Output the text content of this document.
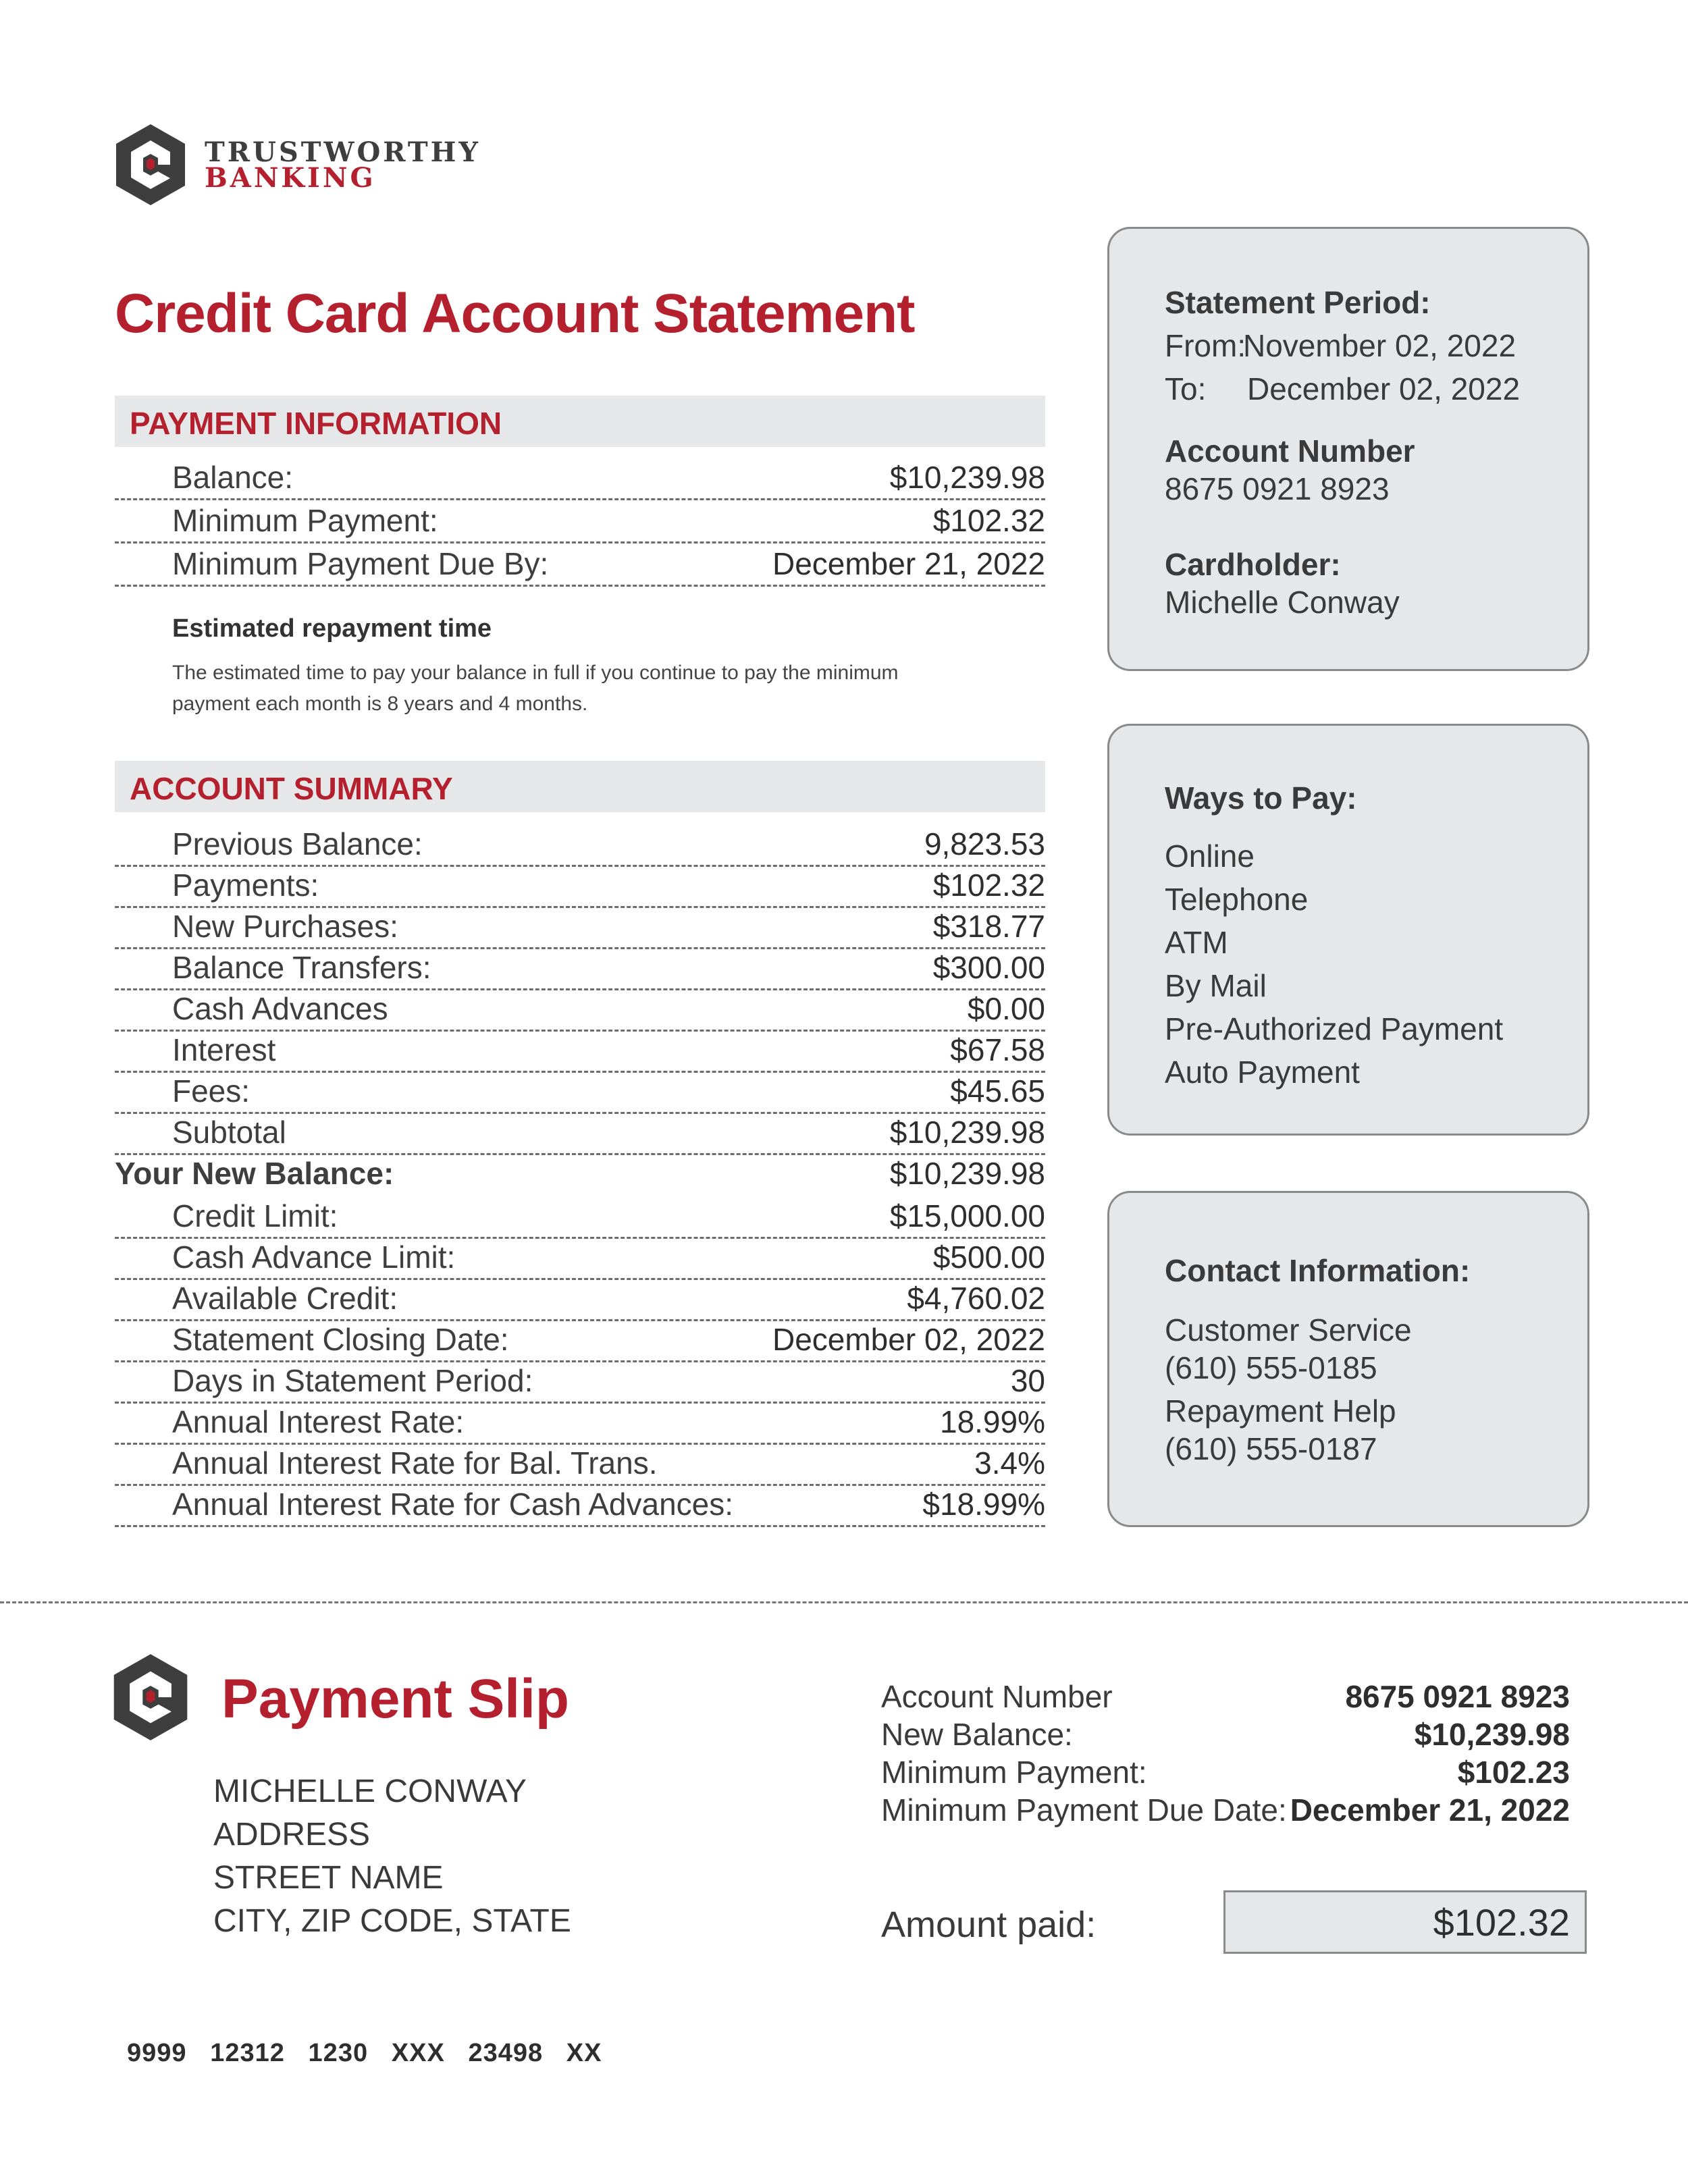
TRUSTWORTHY
BANKING
Credit Card Account Statement
PAYMENT INFORMATION
Balance:	$10,239.98
Minimum Payment:	$102.32
Minimum Payment Due By:	December 21, 2022
Estimated repayment time
The estimated time to pay your balance in full if you continue to pay the minimum payment each month is 8 years and 4 months.
ACCOUNT SUMMARY
Previous Balance:	9,823.53
Payments:	$102.32
New Purchases:	$318.77
Balance Transfers:	$300.00
Cash Advances	$0.00
Interest	$67.58
Fees:	$45.65
Subtotal	$10,239.98
Your New Balance:	$10,239.98
Credit Limit:	$15,000.00
Cash Advance Limit:	$500.00
Available Credit:	$4,760.02
Statement Closing Date:	December 02, 2022
Days in Statement Period:	30
Annual Interest Rate:	18.99%
Annual Interest Rate for Bal. Trans.	3.4%
Annual Interest Rate for Cash Advances:	$18.99%
Statement Period:
From:
November 02, 2022
To: December 02, 2022
Account Number
8675 0921 8923
Cardholder:
Michelle Conway
Ways to Pay:
Online
Telephone
ATM
By Mail
Pre-Authorized Payment
Auto Payment
Contact Information:
Customer Service
(610) 555-0185
Repayment Help
(610) 555-0187
Payment Slip
MICHELLE CONWAY
ADDRESS
STREET NAME
CITY, ZIP CODE, STATE
Account Number	8675 0921 8923
New Balance:	$10,239.98
Minimum Payment:	$102.23
Minimum Payment Due Date: December 21, 2022
Amount paid:	$102.32
9999   12312   1230   XXX   23498   XX
